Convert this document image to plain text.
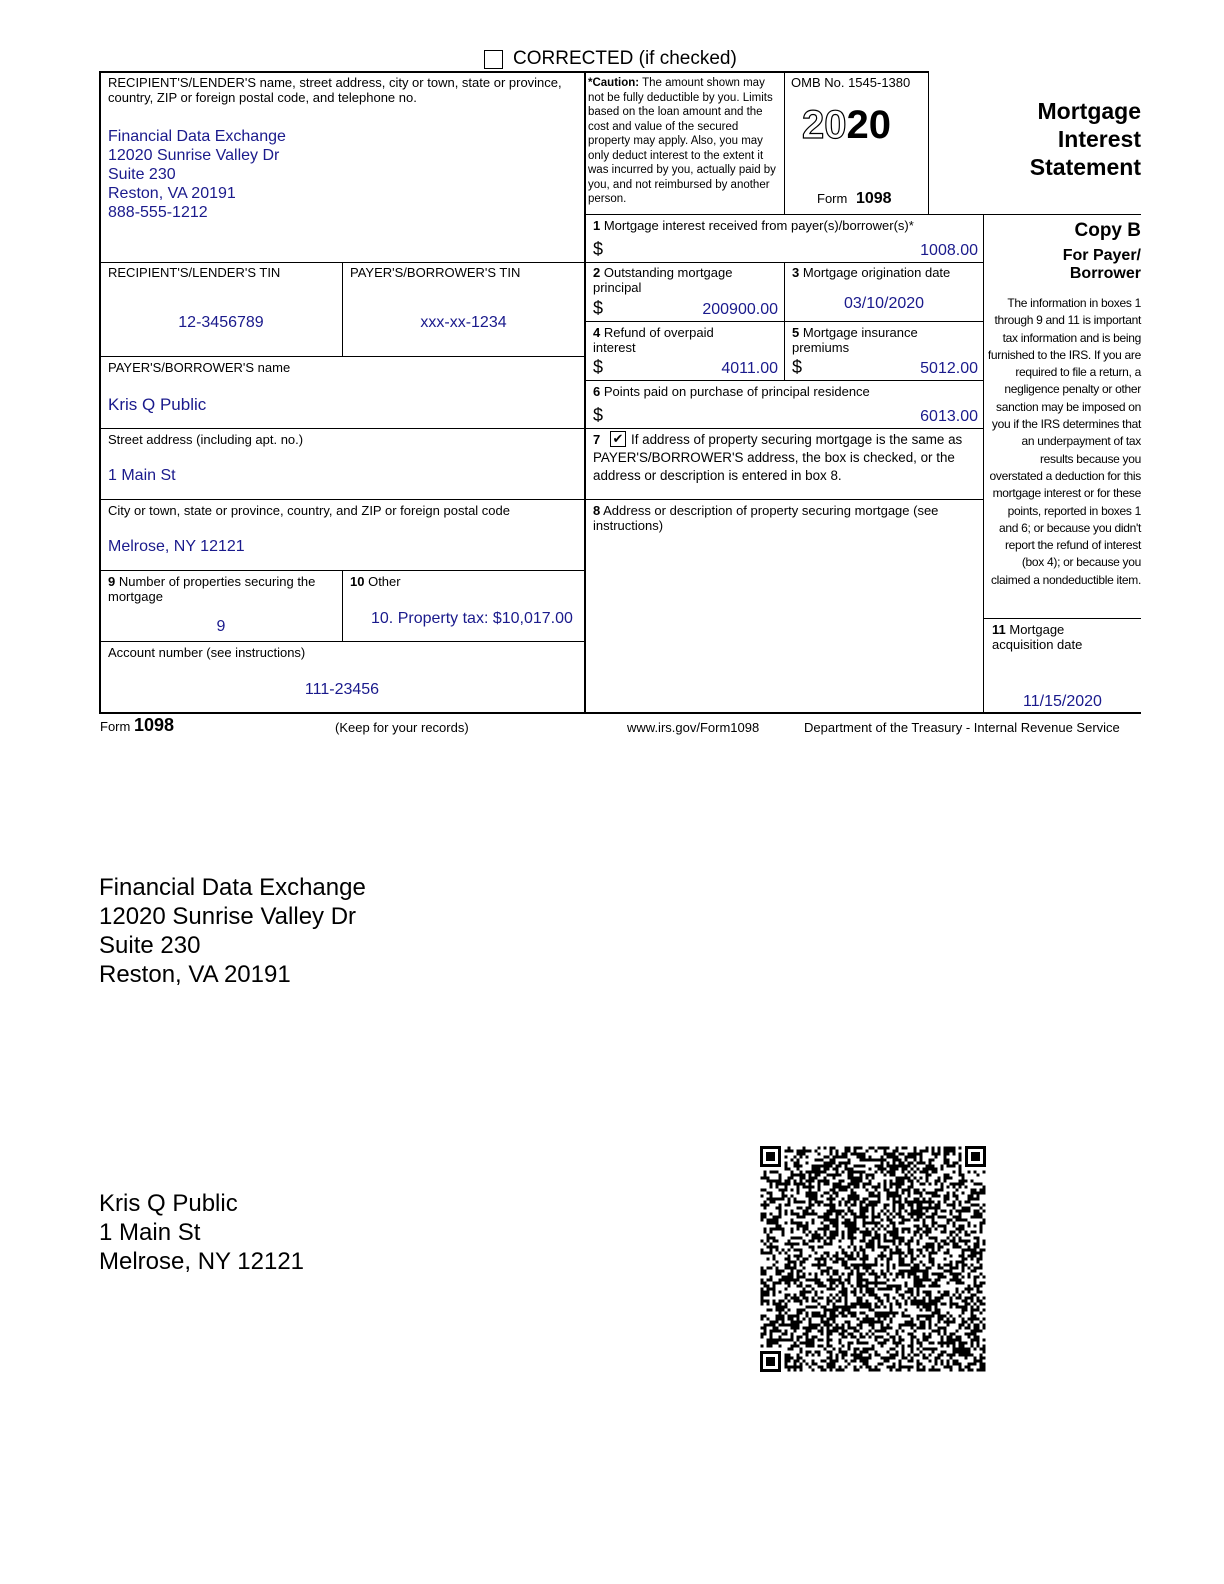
CORRECTED (if checked)
RECIPIENT'S/LENDER'S name, street address, city or town, state or province, country, ZIP or foreign postal code, and telephone no.
Financial Data Exchange
12020 Sunrise Valley Dr
Suite 230
Reston, VA 20191
888-555-1212
*Caution: The amount shown may not be fully deductible by you. Limits based on the loan amount and the cost and value of the secured property may apply. Also, you may only deduct interest to the extent it was incurred by you, actually paid by you, and not reimbursed by another person.
OMB No. 1545-1380
2020
Form 1098
Mortgage
Interest
Statement
Copy B
For Payer/
Borrower
The information in boxes 1 through 9 and 11 is important tax information and is being furnished to the IRS. If you are required to file a return, a negligence penalty or other sanction may be imposed on you if the IRS determines that an underpayment of tax results because you overstated a deduction for this mortgage interest or for these points, reported in boxes 1 and 6; or because you didn't report the refund of interest (box 4); or because you claimed a nondeductible item.
RECIPIENT'S/LENDER'S TIN
12-3456789
PAYER'S/BORROWER'S TIN
xxx-xx-1234
PAYER'S/BORROWER'S name
Kris Q Public
Street address (including apt. no.)
1 Main St
City or town, state or province, country, and ZIP or foreign postal code
Melrose, NY 12121
9 Number of properties securing the mortgage
9
10 Other
10. Property tax: $10,017.00
Account number (see instructions)
111-23456
1 Mortgage interest received from payer(s)/borrower(s)*
$	1008.00
2 Outstanding mortgage principal
$	200900.00
3 Mortgage origination date
03/10/2020
4 Refund of overpaid interest
$	4011.00
5 Mortgage insurance premiums
$	5012.00
6 Points paid on purchase of principal residence
$	6013.00
7 ✔ If address of property securing mortgage is the same as PAYER'S/BORROWER'S address, the box is checked, or the address or description is entered in box 8.
8 Address or description of property securing mortgage (see instructions)
11 Mortgage acquisition date
11/15/2020
Form 1098	(Keep for your records)	www.irs.gov/Form1098	Department of the Treasury - Internal Revenue Service
Financial Data Exchange
12020 Sunrise Valley Dr
Suite 230
Reston, VA 20191
Kris Q Public
1 Main St
Melrose, NY 12121
